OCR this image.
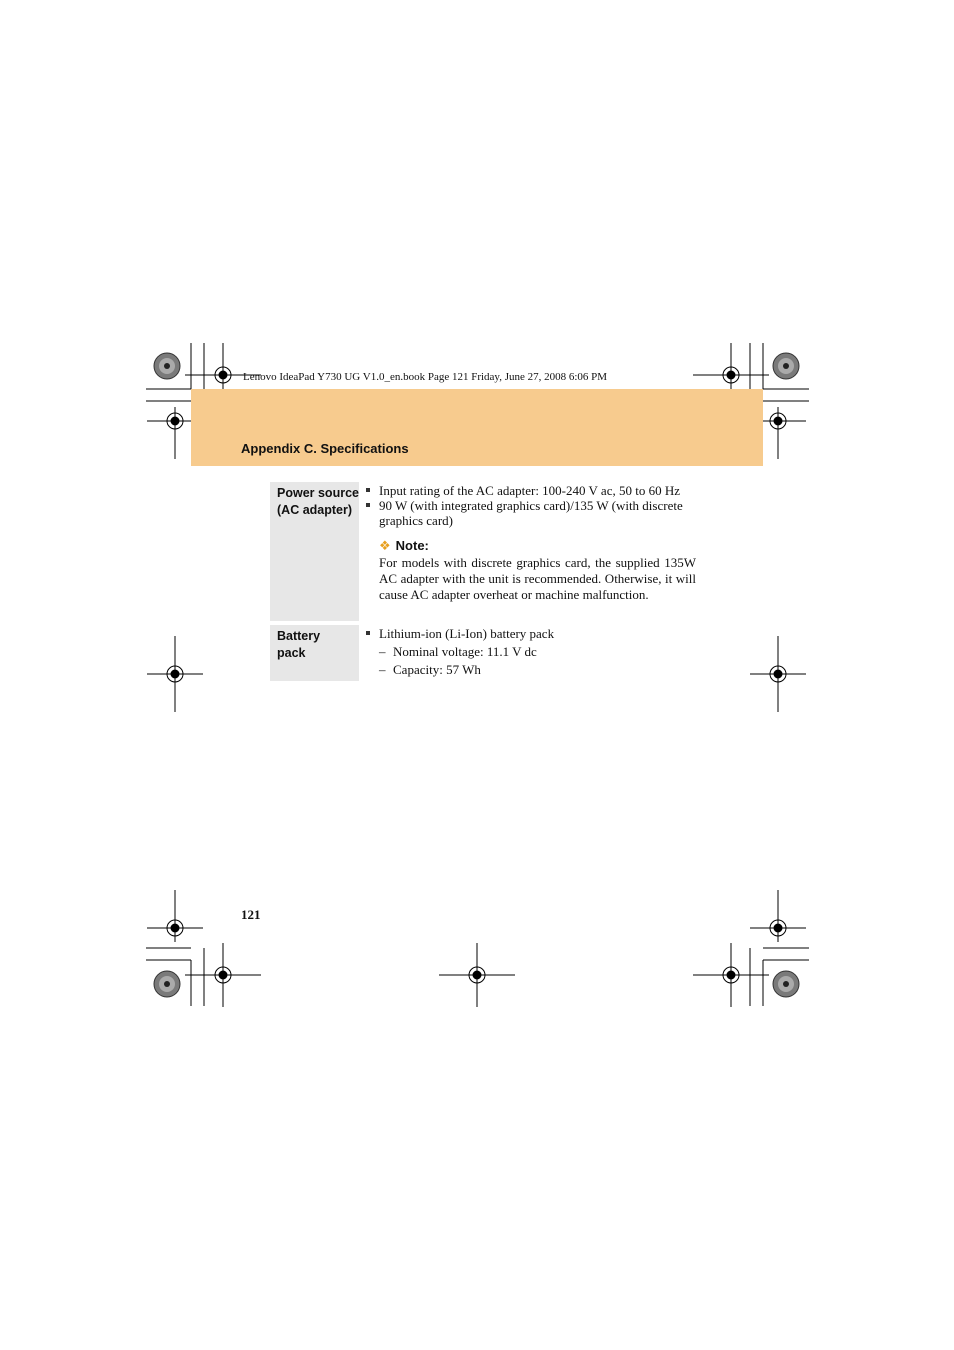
Lenovo IdeaPad Y730 UG V1.0_en.book Page 121 Friday, June 27, 2008 6:06 PM
Appendix C. Specifications
Power source
(AC adapter)
Input rating of the AC adapter: 100-240 V ac, 50 to 60 Hz
90 W (with integrated graphics card)/135 W (with discrete graphics card)
❖ Note:
For models with discrete graphics card, the supplied 135W AC adapter with the unit is recommended. Otherwise, it will cause AC adapter overheat or machine malfunction.
Battery
pack
Lithium-ion (Li-Ion) battery pack
– Nominal voltage: 11.1 V dc
– Capacity: 57 Wh
121
